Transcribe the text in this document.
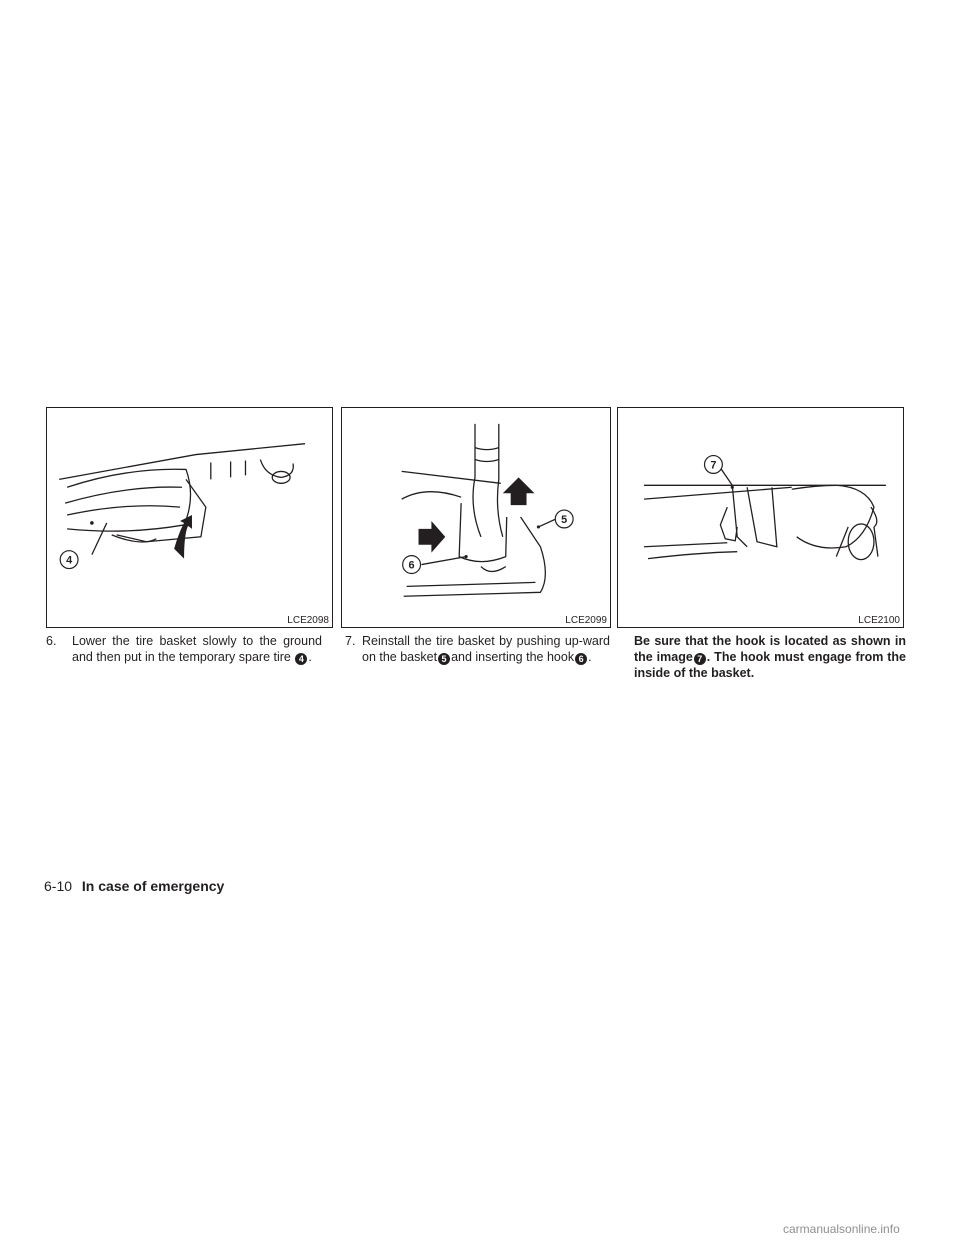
4
LCE2098
5
6
LCE2099
7
LCE2100
6. Lower the tire basket slowly to the ground and then put in the temporary spare tire 4 .
7. Reinstall the tire basket by pushing up-ward on the basket 5 and inserting the hook 6 .
Be sure that the hook is located as shown in the image 7 . The hook must engage from the inside of the basket.
6-10 In case of emergency
carmanualsonline.info
